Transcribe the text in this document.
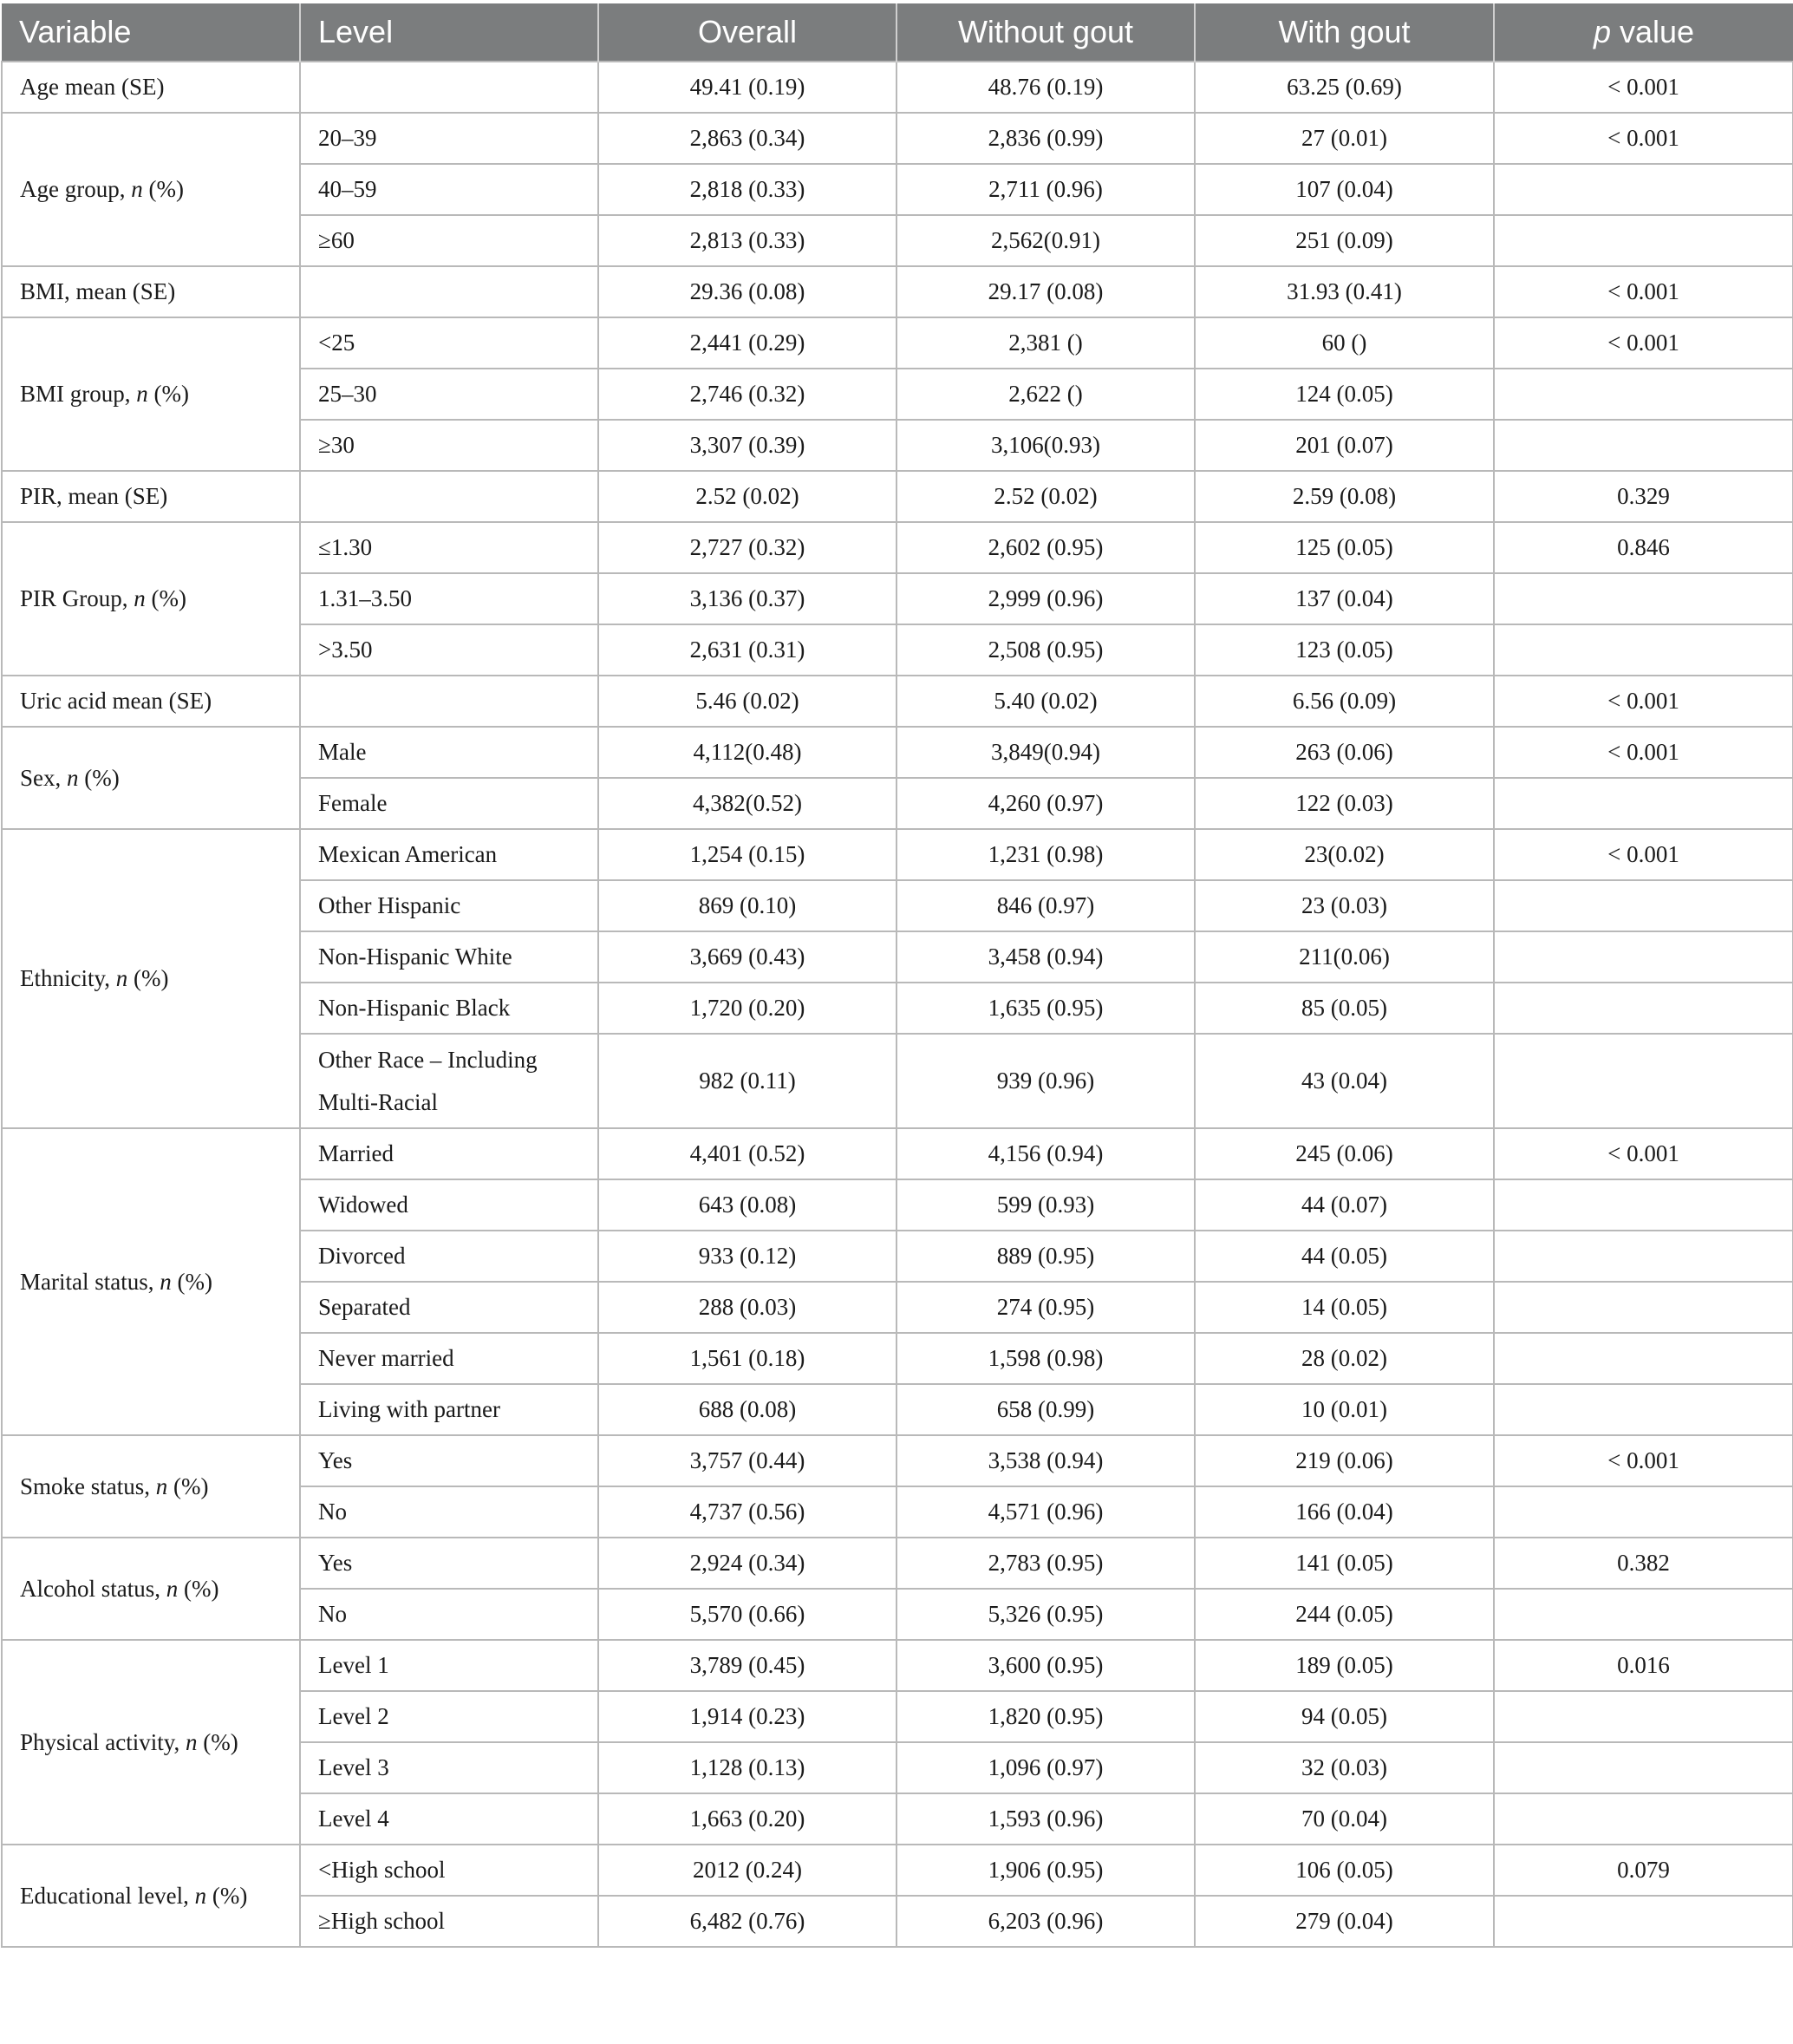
Variable	Level	Overall	Without gout	With gout	p value
Age mean (SE)		49.41 (0.19)	48.76 (0.19)	63.25 (0.69)	< 0.001
Age group, n (%)	20–39	2,863 (0.34)	2,836 (0.99)	27 (0.01)	< 0.001
	40–59	2,818 (0.33)	2,711 (0.96)	107 (0.04)	
	≥60	2,813 (0.33)	2,562(0.91)	251 (0.09)	
BMI, mean (SE)		29.36 (0.08)	29.17 (0.08)	31.93 (0.41)	< 0.001
BMI group, n (%)	<25	2,441 (0.29)	2,381 ()	60 ()	< 0.001
	25–30	2,746 (0.32)	2,622 ()	124 (0.05)	
	≥30	3,307 (0.39)	3,106(0.93)	201 (0.07)	
PIR, mean (SE)		2.52 (0.02)	2.52 (0.02)	2.59 (0.08)	0.329
PIR Group, n (%)	≤1.30	2,727 (0.32)	2,602 (0.95)	125 (0.05)	0.846
	1.31–3.50	3,136 (0.37)	2,999 (0.96)	137 (0.04)	
	>3.50	2,631 (0.31)	2,508 (0.95)	123 (0.05)	
Uric acid mean (SE)		5.46 (0.02)	5.40 (0.02)	6.56 (0.09)	< 0.001
Sex, n (%)	Male	4,112(0.48)	3,849(0.94)	263 (0.06)	< 0.001
	Female	4,382(0.52)	4,260 (0.97)	122 (0.03)	
Ethnicity, n (%)	Mexican American	1,254 (0.15)	1,231 (0.98)	23(0.02)	< 0.001
	Other Hispanic	869 (0.10)	846 (0.97)	23 (0.03)	
	Non-Hispanic White	3,669 (0.43)	3,458 (0.94)	211(0.06)	
	Non-Hispanic Black	1,720 (0.20)	1,635 (0.95)	85 (0.05)	
	Other Race – Including Multi-Racial	982 (0.11)	939 (0.96)	43 (0.04)	
Marital status, n (%)	Married	4,401 (0.52)	4,156 (0.94)	245 (0.06)	< 0.001
	Widowed	643 (0.08)	599 (0.93)	44 (0.07)	
	Divorced	933 (0.12)	889 (0.95)	44 (0.05)	
	Separated	288 (0.03)	274 (0.95)	14 (0.05)	
	Never married	1,561 (0.18)	1,598 (0.98)	28 (0.02)	
	Living with partner	688 (0.08)	658 (0.99)	10 (0.01)	
Smoke status, n (%)	Yes	3,757 (0.44)	3,538 (0.94)	219 (0.06)	< 0.001
	No	4,737 (0.56)	4,571 (0.96)	166 (0.04)	
Alcohol status, n (%)	Yes	2,924 (0.34)	2,783 (0.95)	141 (0.05)	0.382
	No	5,570 (0.66)	5,326 (0.95)	244 (0.05)	
Physical activity, n (%)	Level 1	3,789 (0.45)	3,600 (0.95)	189 (0.05)	0.016
	Level 2	1,914 (0.23)	1,820 (0.95)	94 (0.05)	
	Level 3	1,128 (0.13)	1,096 (0.97)	32 (0.03)	
	Level 4	1,663 (0.20)	1,593 (0.96)	70 (0.04)	
Educational level, n (%)	<High school	2012 (0.24)	1,906 (0.95)	106 (0.05)	0.079
	≥High school	6,482 (0.76)	6,203 (0.96)	279 (0.04)	
